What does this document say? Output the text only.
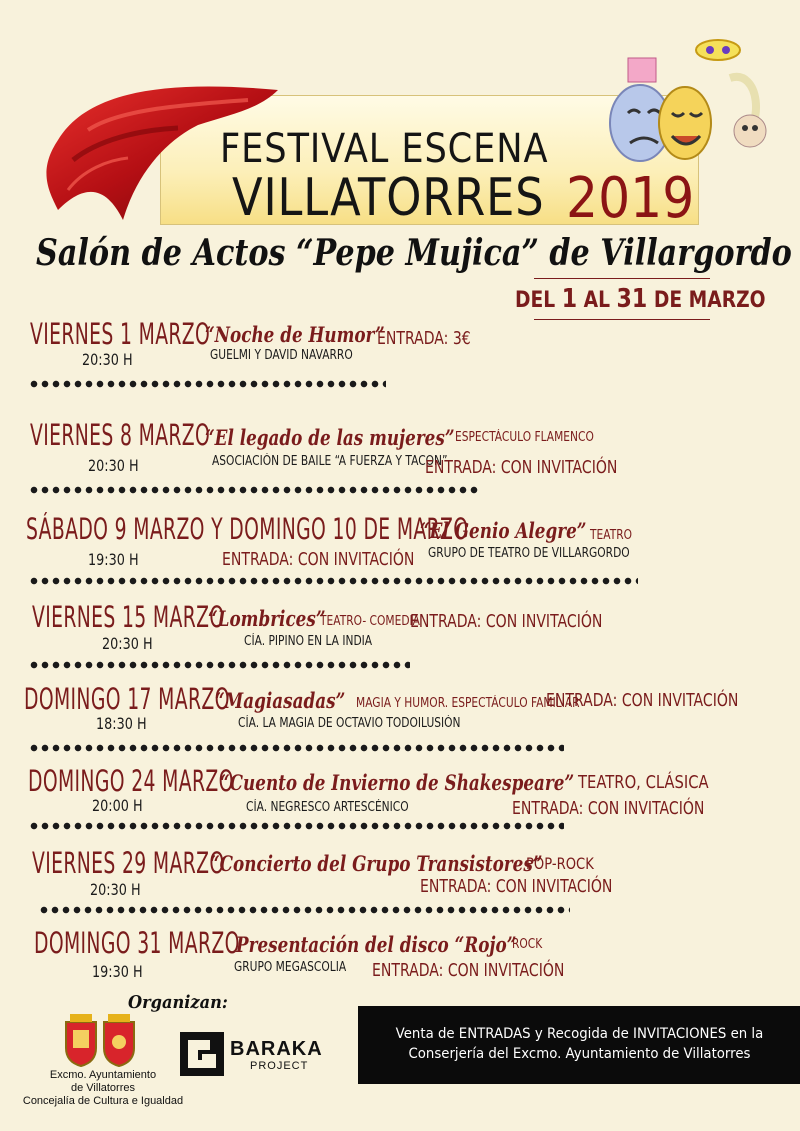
FESTIVAL ESCENA
VILLATORRES 2019
Salón de Actos “Pepe Mujica” de Villargordo
DEL 1 AL 31 DE MARZO
VIERNES 1 MARZO
20:30 H
“Noche de Humor”
GUELMI Y DAVID NAVARRO
ENTRADA: 3€
VIERNES 8 MARZO
20:30 H
“El legado de las mujeres” ESPECTÁCULO FLAMENCO
ASOCIACIÓN DE BAILE “A FUERZA Y TACON”
ENTRADA: CON INVITACIÓN
SÁBADO 9 MARZO Y DOMINGO 10 DE MARZO
19:30 H
“El Genio Alegre” TEATRO
GRUPO DE TEATRO DE VILLARGORDO
ENTRADA: CON INVITACIÓN
VIERNES 15 MARZO
20:30 H
“Lombrices”
TEATRO- COMEDIA
CÍA. PIPINO EN LA INDIA
ENTRADA: CON INVITACIÓN
DOMINGO 17 MARZO
18:30 H
“Magiasadas” MAGIA Y HUMOR. ESPECTÁCULO FAMILIAR
CÍA. LA MAGIA DE OCTAVIO TODOILUSIÓN
ENTRADA: CON INVITACIÓN
DOMINGO 24 MARZO
20:00 H
“Cuento de Invierno de Shakespeare” TEATRO, CLÁSICA
CÍA. NEGRESCO ARTESCÉNICO	ENTRADA: CON INVITACIÓN
VIERNES 29 MARZO
20:30 H
“Concierto del Grupo Transistores”
POP-ROCK
ENTRADA: CON INVITACIÓN
DOMINGO 31 MARZO
19:30 H
Presentación del disco “Rojo”
ROCK
GRUPO MEGASCOLIA ENTRADA: CON INVITACIÓN
Organizan:
Excmo. Ayuntamiento
de Villatorres
Concejalía de Cultura e Igualdad
BARAKA
PROJECT
Venta de ENTRADAS y Recogida de INVITACIONES en la
Conserjería del Excmo. Ayuntamiento de Villatorres
